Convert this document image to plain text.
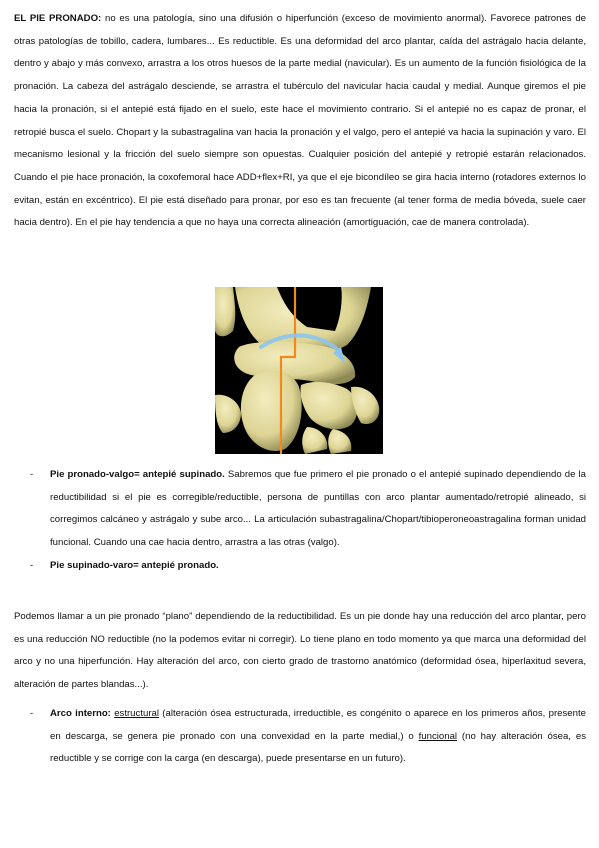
EL PIE PRONADO: no es una patología, sino una difusión o hiperfunción (exceso de movimiento anormal). Favorece patrones de otras patologías de tobillo, cadera, lumbares... Es reductible. Es una deformidad del arco plantar, caída del astrágalo hacia delante, dentro y abajo y más convexo, arrastra a los otros huesos de la parte medial (navicular). Es un aumento de la función fisiológica de la pronación. La cabeza del astrágalo desciende, se arrastra el tubérculo del navicular hacia caudal y medial. Aunque giremos el pie hacia la pronación, si el antepié está fijado en el suelo, este hace el movimiento contrario. Si el antepié no es capaz de pronar, el retropié busca el suelo. Chopart y la subastragalina van hacia la pronación y el valgo, pero el antepié va hacia la supinación y varo. El mecanismo lesional y la fricción del suelo siempre son opuestas. Cualquier posición del antepié y retropié estarán relacionados. Cuando el pie hace pronación, la coxofemoral hace ADD+flex+RI, ya que el eje bicondíleo se gira hacia interno (rotadores externos lo evitan, están en excéntrico). El pie está diseñado para pronar, por eso es tan frecuente (al tener forma de media bóveda, suele caer hacia dentro). En el pie hay tendencia a que no haya una correcta alineación (amortiguación, cae de manera controlada).

- Pie pronado-valgo= antepié supinado. Sabremos que fue primero el pie pronado o el antepié supinado dependiendo de la reductibilidad si el pie es corregible/reductible, persona de puntillas con arco plantar aumentado/retropié alineado, si corregimos calcáneo y astrágalo y sube arco... La articulación subastragalina/Chopart/tibioperoneoastragalina forman unidad funcional. Cuando una cae hacia dentro, arrastra a las otras (valgo).
- Pie supinado-varo= antepié pronado.

Podemos llamar a un pie pronado “plano” dependiendo de la reductibilidad. Es un pie donde hay una reducción del arco plantar, pero es una reducción NO reductible (no la podemos evitar ni corregir). Lo tiene plano en todo momento ya que marca una deformidad del arco y no una hiperfunción. Hay alteración del arco, con cierto grado de trastorno anatómico (deformidad ósea, hiperlaxitud severa, alteración de partes blandas...).

- Arco interno: estructural (alteración ósea estructurada, irreductible, es congénito o aparece en los primeros años, presente en descarga, se genera pie pronado con una convexidad en la parte medial,) o funcional (no hay alteración ósea, es reductible y se corrige con la carga (en descarga), puede presentarse en un futuro).
